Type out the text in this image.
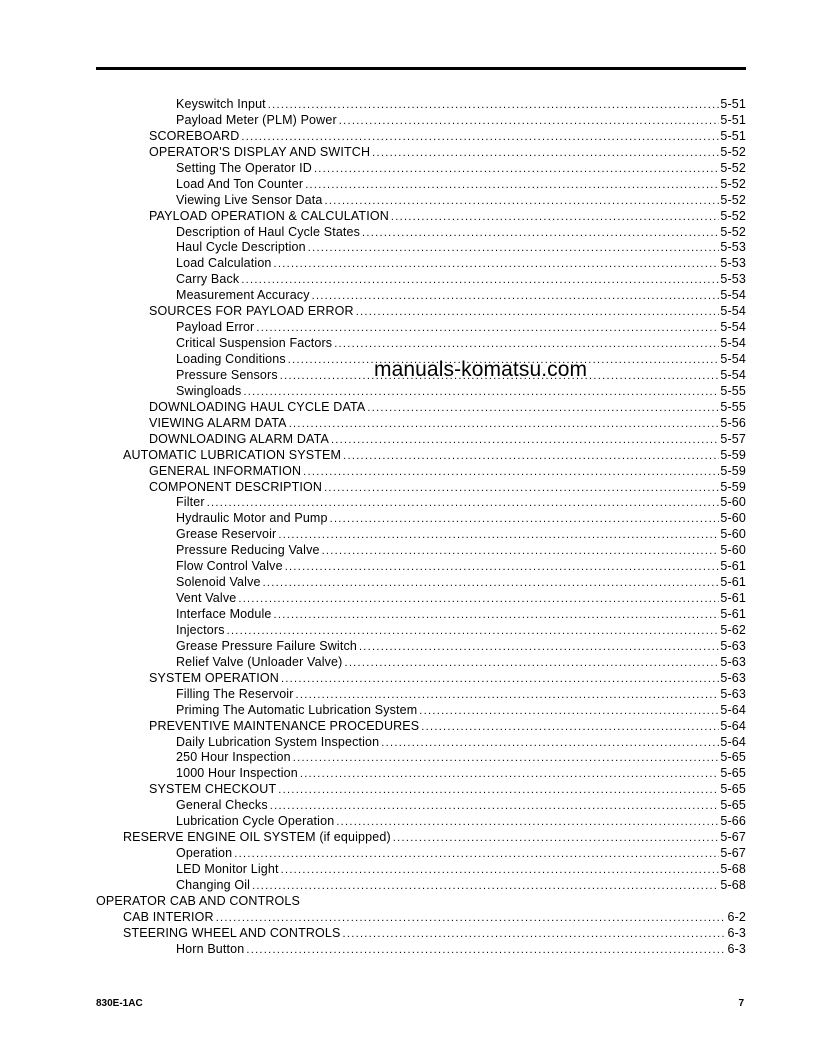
Keyswitch Input .....	5-51
Payload Meter (PLM) Power .....	5-51
SCOREBOARD .....	5-51
OPERATOR'S DISPLAY AND SWITCH .....	5-52
Setting The Operator ID .....	5-52
Load And Ton Counter .....	5-52
Viewing Live Sensor Data .....	5-52
PAYLOAD OPERATION & CALCULATION .....	5-52
Description of Haul Cycle States .....	5-52
Haul Cycle Description .....	5-53
Load Calculation .....	5-53
Carry Back .....	5-53
Measurement Accuracy .....	5-54
SOURCES FOR PAYLOAD ERROR .....	5-54
Payload Error .....	5-54
Critical Suspension Factors .....	5-54
Loading Conditions .....	5-54
Pressure Sensors .....	5-54
Swingloads .....	5-55
DOWNLOADING HAUL CYCLE DATA .....	5-55
VIEWING ALARM DATA .....	5-56
DOWNLOADING ALARM DATA .....	5-57
AUTOMATIC LUBRICATION SYSTEM .....	5-59
GENERAL INFORMATION .....	5-59
COMPONENT DESCRIPTION .....	5-59
Filter .....	5-60
Hydraulic Motor and Pump .....	5-60
Grease Reservoir .....	5-60
Pressure Reducing Valve .....	5-60
Flow Control Valve .....	5-61
Solenoid Valve .....	5-61
Vent Valve .....	5-61
Interface Module .....	5-61
Injectors .....	5-62
Grease Pressure Failure Switch .....	5-63
Relief Valve (Unloader Valve) .....	5-63
SYSTEM OPERATION .....	5-63
Filling The Reservoir .....	5-63
Priming The Automatic Lubrication System .....	5-64
PREVENTIVE MAINTENANCE PROCEDURES .....	5-64
Daily Lubrication System Inspection .....	5-64
250 Hour Inspection .....	5-65
1000 Hour Inspection .....	5-65
SYSTEM CHECKOUT .....	5-65
General Checks .....	5-65
Lubrication Cycle Operation .....	5-66
RESERVE ENGINE OIL SYSTEM (if equipped) .....	5-67
Operation .....	5-67
LED Monitor Light .....	5-68
Changing Oil .....	5-68
OPERATOR CAB AND CONTROLS
CAB INTERIOR .....	6-2
STEERING WHEEL AND CONTROLS .....	6-3
Horn Button .....	6-3
manuals-komatsu.com
830E-1AC	7
